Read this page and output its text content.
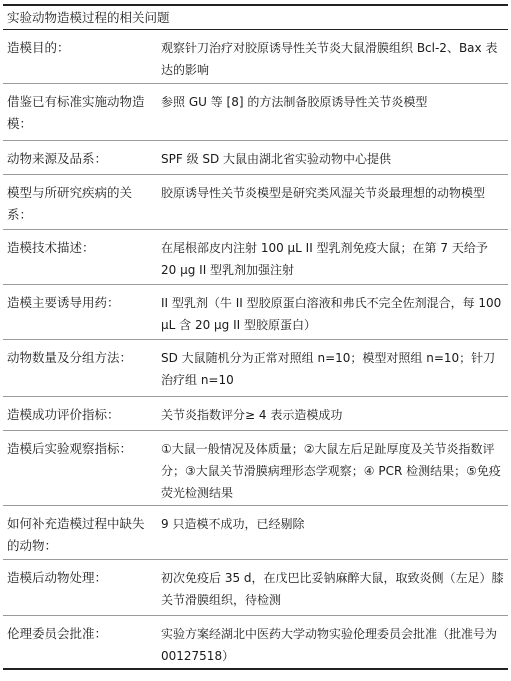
实验动物造模过程的相关问题
造模目的：	观察针刀治疗对胶原诱导性关节炎大鼠滑膜组织 Bcl-2、Bax 表达的影响
借鉴已有标准实施动物造模：
参照 GU 等 [8] 的方法制备胶原诱导性关节炎模型
动物来源及品系：	SPF 级 SD 大鼠由湖北省实验动物中心提供
模型与所研究疾病的关系：
胶原诱导性关节炎模型是研究类风湿关节炎最理想的动物模型
造模技术描述：	在尾根部皮内注射 100 μL II 型乳剂免疫大鼠；在第 7 天给予 20 μg II 型乳剂加强注射
造模主要诱导用药：	II 型乳剂（牛 II 型胶原蛋白溶液和弗氏不完全佐剂混合，每 100 μL 含 20 μg II 型胶原蛋白）
动物数量及分组方法：	SD 大鼠随机分为正常对照组 n=10；模型对照组 n=10；针刀治疗组 n=10
造模成功评价指标：	关节炎指数评分≥ 4 表示造模成功
造模后实验观察指标：	①大鼠一般情况及体质量；②大鼠左后足趾厚度及关节炎指数评分；③大鼠关节滑膜病理形态学观察；④ PCR 检测结果；⑤免疫荧光检测结果
如何补充造模过程中缺失的动物：
9 只造模不成功，已经剔除
造模后动物处理：	初次免疫后 35 d，在戊巴比妥钠麻醉大鼠，取致炎侧（左足）膝关节滑膜组织，待检测
伦理委员会批准：	实验方案经湖北中医药大学动物实验伦理委员会批准（批准号为 00127518）
